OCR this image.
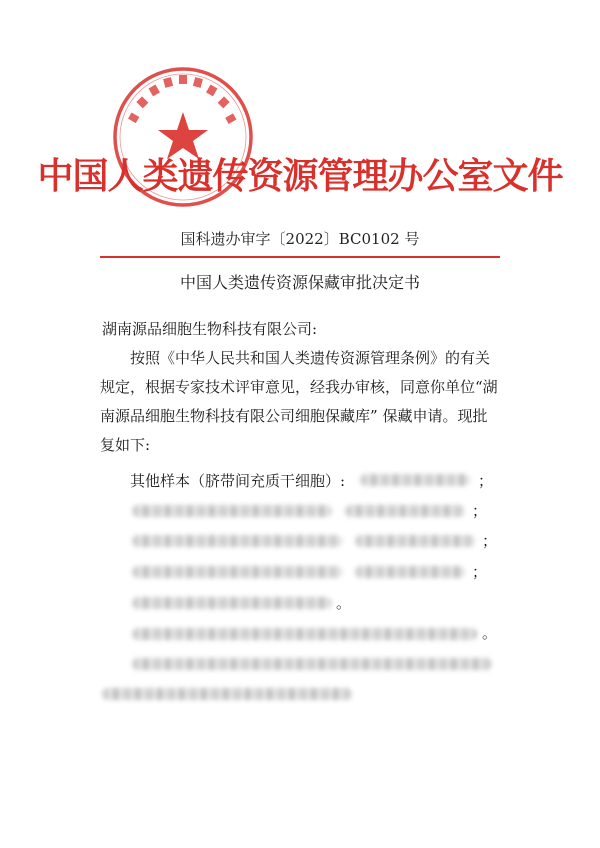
中国人类遗传资源管理办公室文件
国科遗办审字〔2022〕BC0102 号
中国人类遗传资源保藏审批决定书
湖南源品细胞生物科技有限公司:
按照《中华人民共和国人类遗传资源管理条例》的有关规定，根据专家技术评审意见，经我办审核，同意你单位“湖南源品细胞生物科技有限公司细胞保藏库” 保藏申请。现批复如下:
其他样本（脐带间充质干细胞）:	；
；
；
；
。
。
